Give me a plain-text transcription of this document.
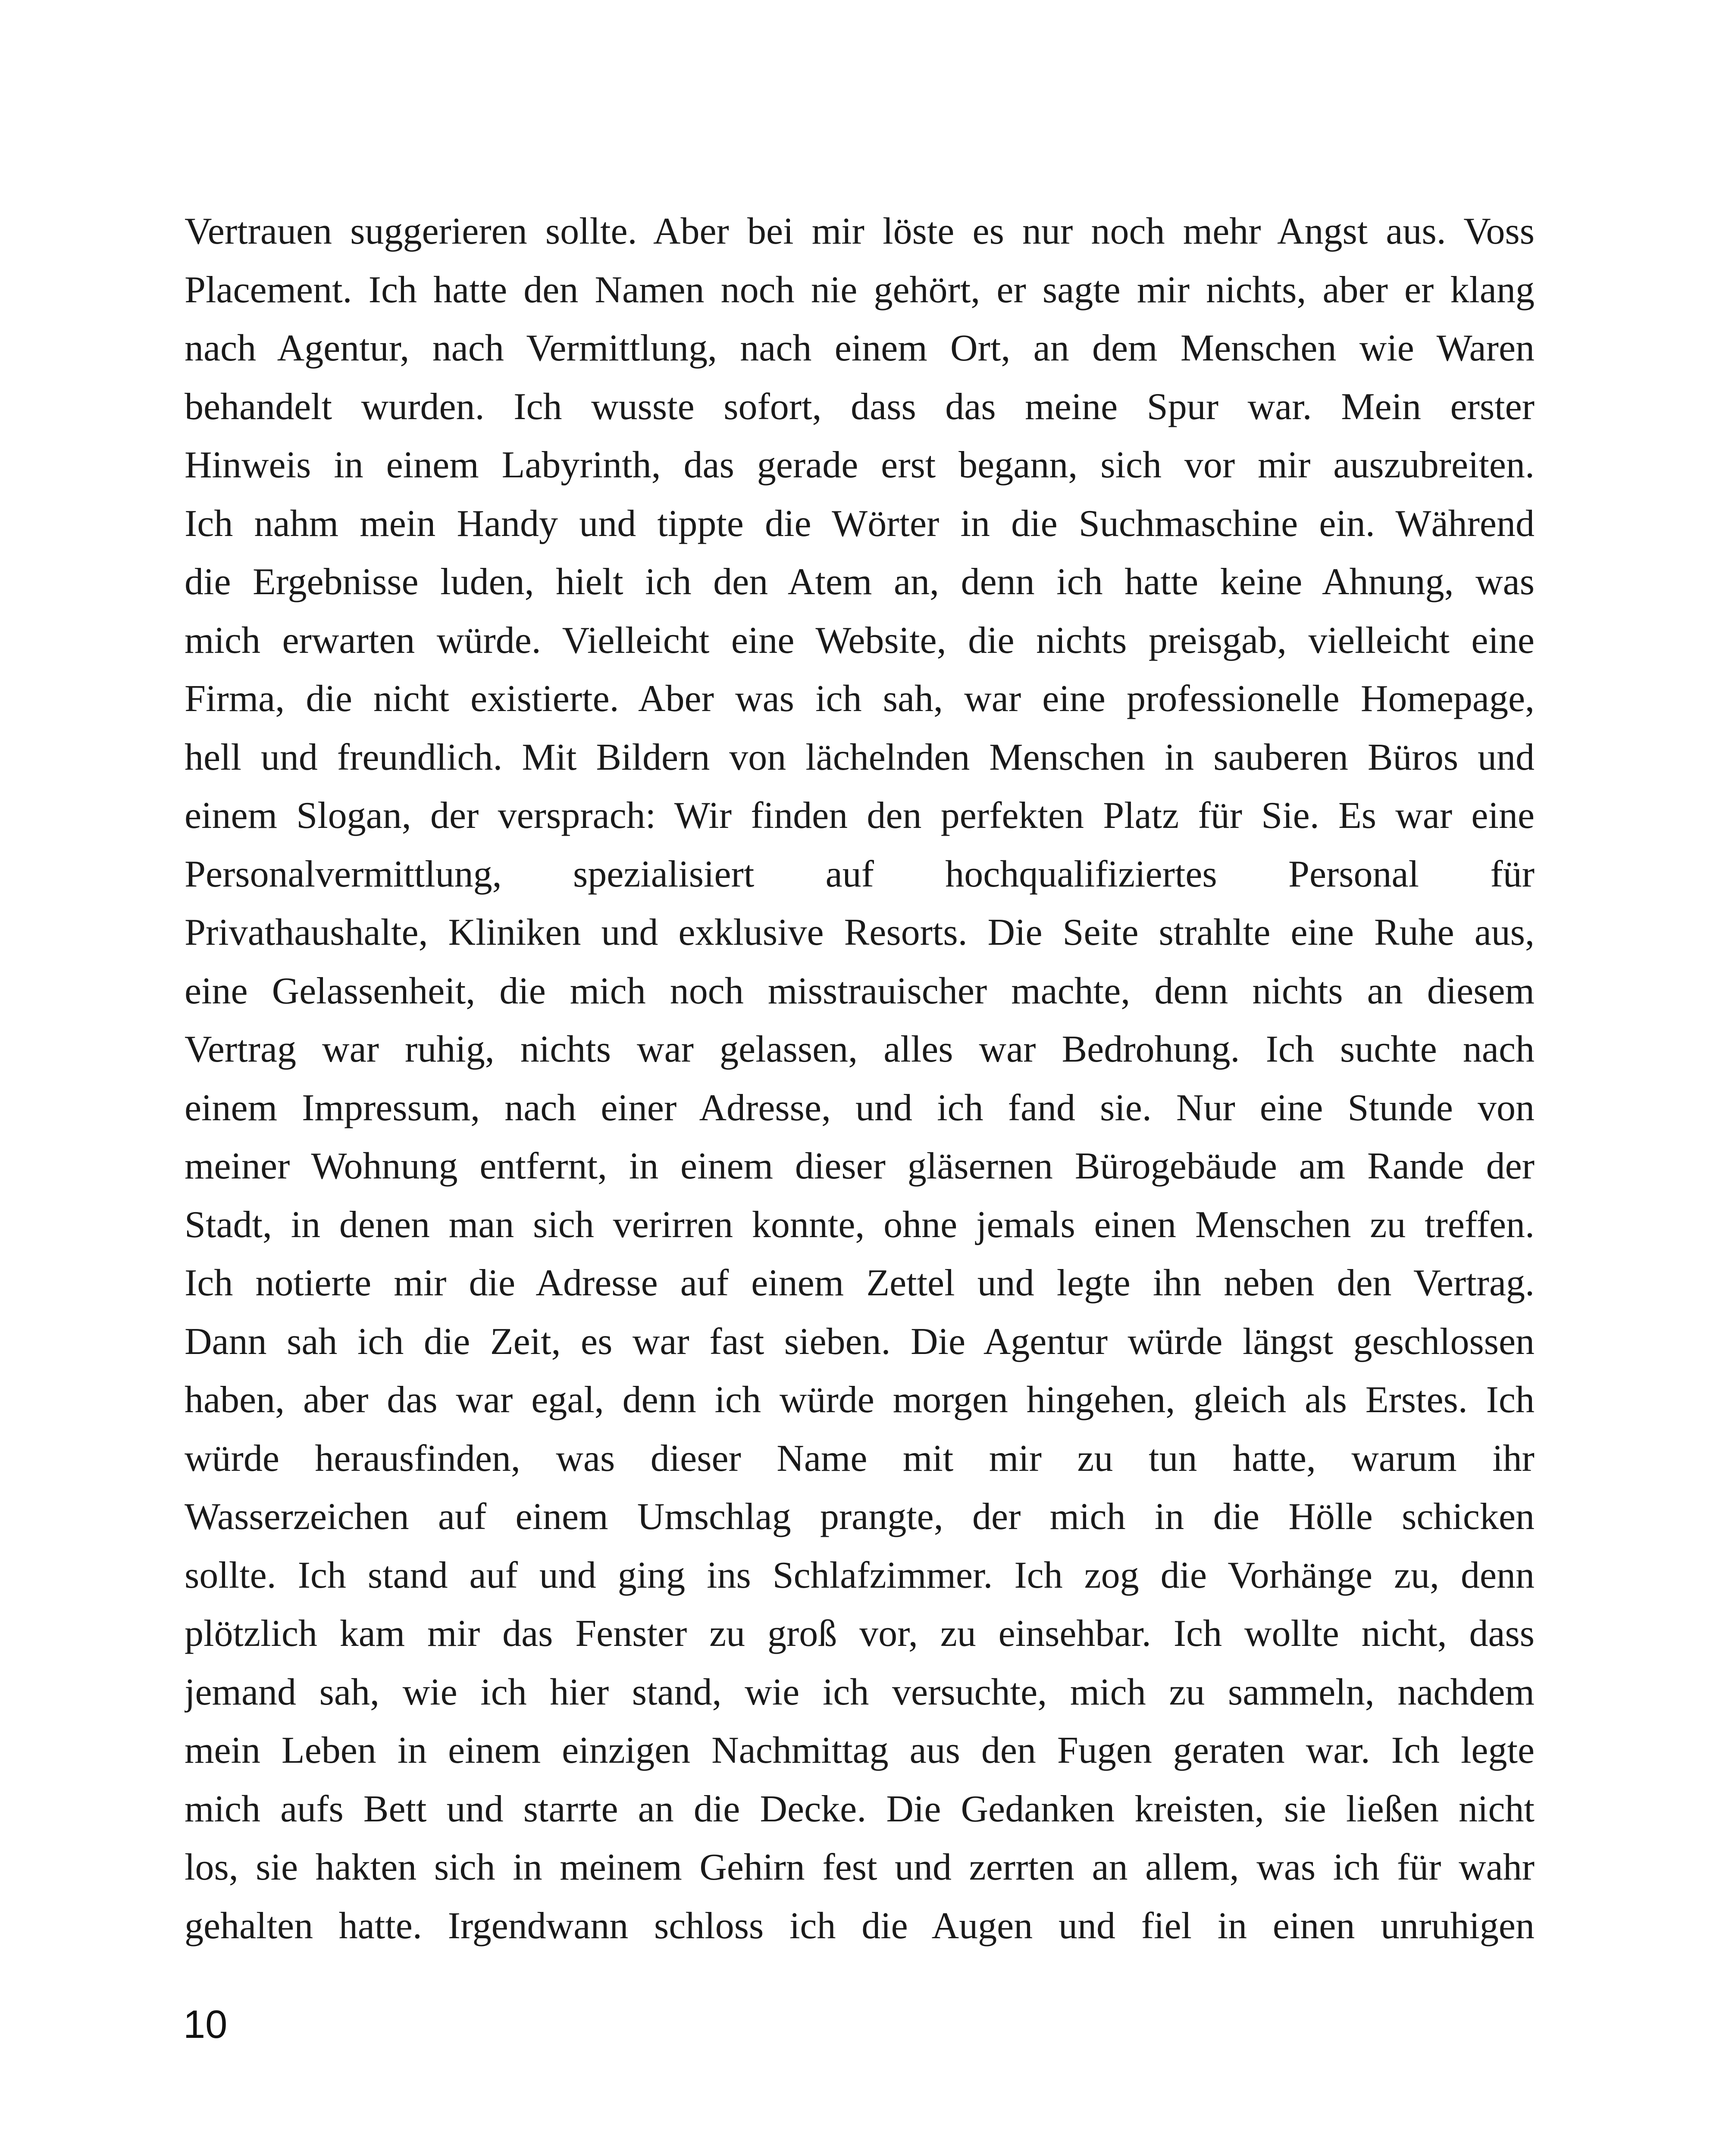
Vertrauen suggerieren sollte. Aber bei mir löste es nur noch mehr Angst aus. Voss
Placement. Ich hatte den Namen noch nie gehört, er sagte mir nichts, aber er klang
nach Agentur, nach Vermittlung, nach einem Ort, an dem Menschen wie Waren
behandelt wurden. Ich wusste sofort, dass das meine Spur war. Mein erster
Hinweis in einem Labyrinth, das gerade erst begann, sich vor mir auszubreiten.
Ich nahm mein Handy und tippte die Wörter in die Suchmaschine ein. Während
die Ergebnisse luden, hielt ich den Atem an, denn ich hatte keine Ahnung, was
mich erwarten würde. Vielleicht eine Website, die nichts preisgab, vielleicht eine
Firma, die nicht existierte. Aber was ich sah, war eine professionelle Homepage,
hell und freundlich. Mit Bildern von lächelnden Menschen in sauberen Büros und
einem Slogan, der versprach: Wir finden den perfekten Platz für Sie. Es war eine
Personalvermittlung, spezialisiert auf hochqualifiziertes Personal für
Privathaushalte, Kliniken und exklusive Resorts. Die Seite strahlte eine Ruhe aus,
eine Gelassenheit, die mich noch misstrauischer machte, denn nichts an diesem
Vertrag war ruhig, nichts war gelassen, alles war Bedrohung. Ich suchte nach
einem Impressum, nach einer Adresse, und ich fand sie. Nur eine Stunde von
meiner Wohnung entfernt, in einem dieser gläsernen Bürogebäude am Rande der
Stadt, in denen man sich verirren konnte, ohne jemals einen Menschen zu treffen.
Ich notierte mir die Adresse auf einem Zettel und legte ihn neben den Vertrag.
Dann sah ich die Zeit, es war fast sieben. Die Agentur würde längst geschlossen
haben, aber das war egal, denn ich würde morgen hingehen, gleich als Erstes. Ich
würde herausfinden, was dieser Name mit mir zu tun hatte, warum ihr
Wasserzeichen auf einem Umschlag prangte, der mich in die Hölle schicken
sollte. Ich stand auf und ging ins Schlafzimmer. Ich zog die Vorhänge zu, denn
plötzlich kam mir das Fenster zu groß vor, zu einsehbar. Ich wollte nicht, dass
jemand sah, wie ich hier stand, wie ich versuchte, mich zu sammeln, nachdem
mein Leben in einem einzigen Nachmittag aus den Fugen geraten war. Ich legte
mich aufs Bett und starrte an die Decke. Die Gedanken kreisten, sie ließen nicht
los, sie hakten sich in meinem Gehirn fest und zerrten an allem, was ich für wahr
gehalten hatte. Irgendwann schloss ich die Augen und fiel in einen unruhigen

10
